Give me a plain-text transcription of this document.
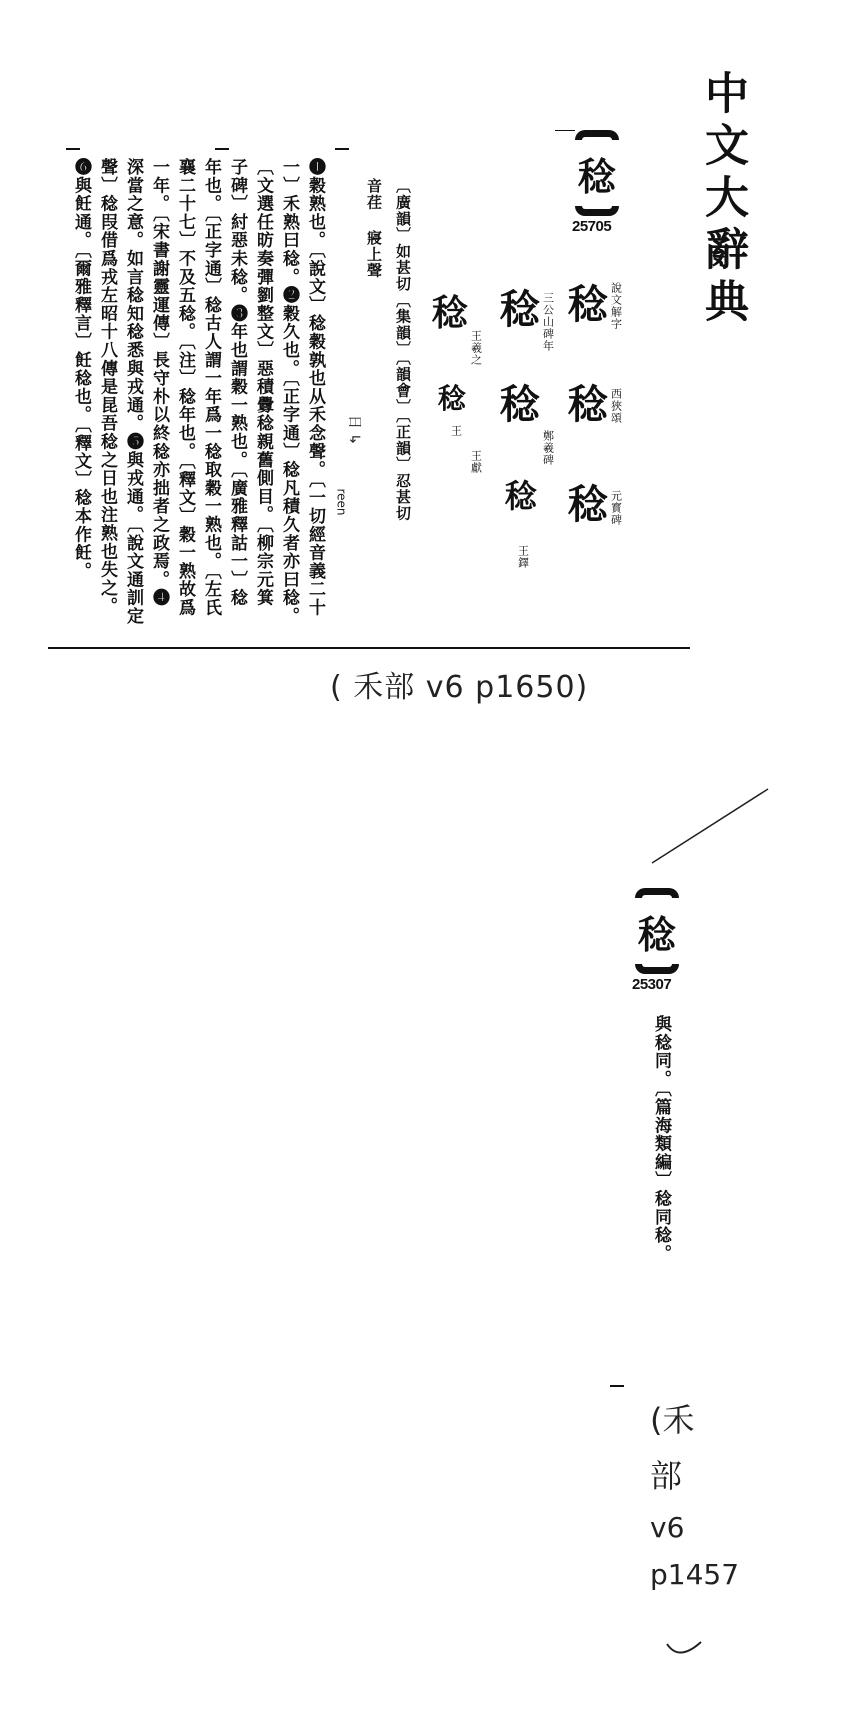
中文大辭典
稔
25705
稔 說文解字
稔 西狹頌
稔 元寳碑
稔 三公山碑年
稔
鄭羲碑
稔
王鐸
稔
王羲之
稔
王
王獻
〔廣韻〕如甚切〔集韻〕〔韻會〕〔正韻〕忍甚切
音荏 寢上聲
日 ↳
reen
❶穀熟也。〔說文〕稔穀孰也从禾念聲。〔一切經音義二十
一〕禾熟曰稔。❷穀久也。〔正字通〕稔凡積久者亦曰稔。
〔文選任昉奏彈劉整文〕惡積釁稔親舊側目。〔柳宗元箕
子碑〕紂惡未稔。❸年也謂穀一熟也。〔廣雅釋詁一〕稔
年也。〔正字通〕稔古人謂一年爲一稔取穀一熟也。〔左氏
襄二十七〕不及五稔。〔注〕稔年也。〔釋文〕穀一熟故爲
一年。〔宋書謝靈運傳〕長守朴以終稔亦拙者之政焉。❹
深當之意。如言稔知稔悉與戎通。❺與戎通。〔說文通訓定
聲〕稔叚借爲戎左昭十八傳是昆吾稔之日也注熟也失之。
❻與飪通。〔爾雅釋言〕飪稔也。〔釋文〕稔本作飪。
( 禾部 v6 p1650)
稔
25307
與稔同。〔篇海類編〕稔同稔。
(禾
部
v6
p1457
